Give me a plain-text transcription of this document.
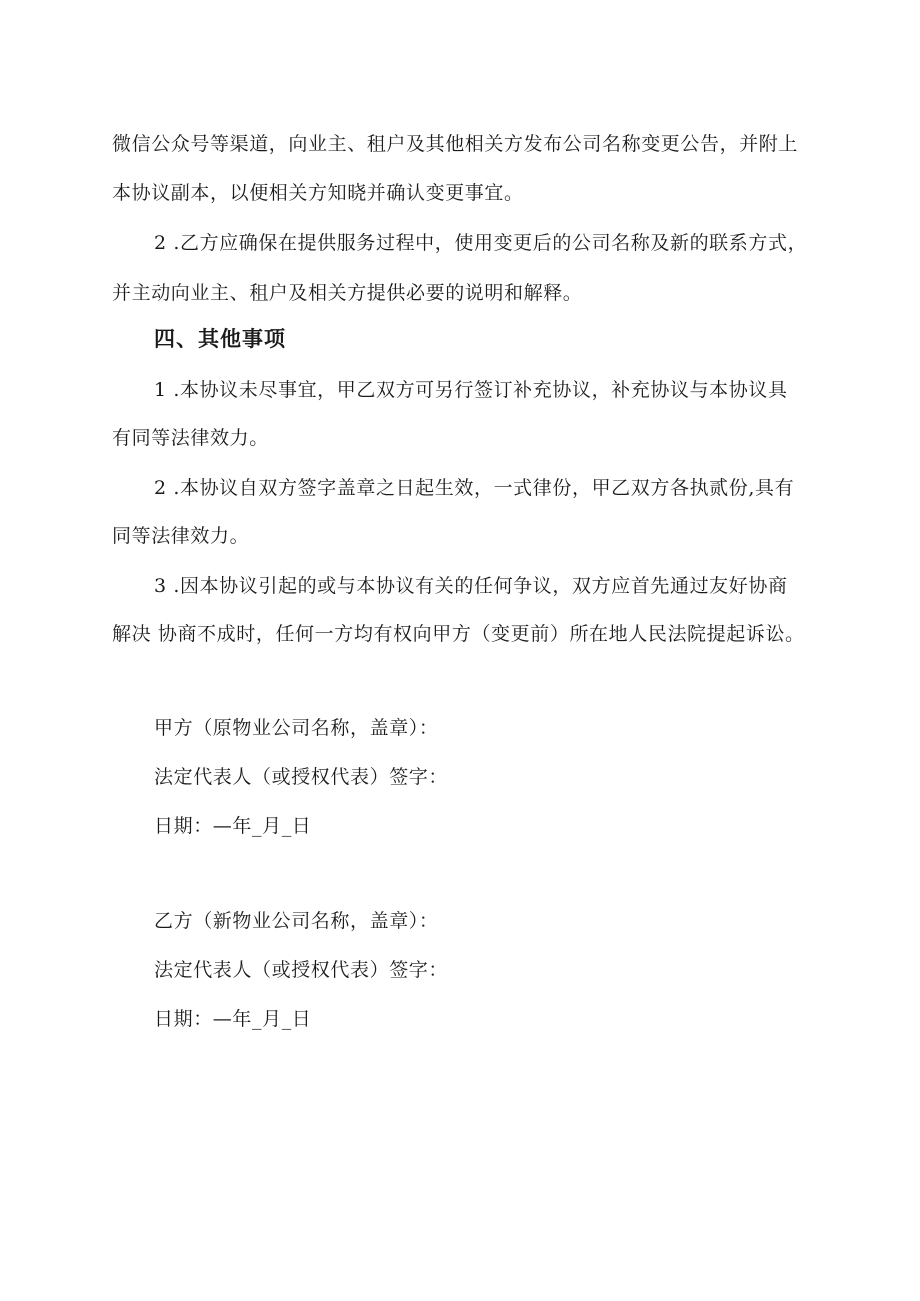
微信公众号等渠道，向业主、租户及其他相关方发布公司名称变更公告，并附上
本协议副本，以便相关方知晓并确认变更事宜。
2 .乙方应确保在提供服务过程中，使用变更后的公司名称及新的联系方式，
并主动向业主、租户及相关方提供必要的说明和解释。
四、其他事项
1 .本协议未尽事宜，甲乙双方可另行签订补充协议，补充协议与本协议具
有同等法律效力。
2 .本协议自双方签字盖章之日起生效，一式律份，甲乙双方各执贰份,具有
同等法律效力。
3 .因本协议引起的或与本协议有关的任何争议，双方应首先通过友好协商
解决 协商不成时，任何一方均有权向甲方（变更前）所在地人民法院提起诉讼。
甲方（原物业公司名称，盖章）：
法定代表人（或授权代表）签字：
日期：—年_月_日
乙方（新物业公司名称，盖章）：
法定代表人（或授权代表）签字：
日期：—年_月_日
